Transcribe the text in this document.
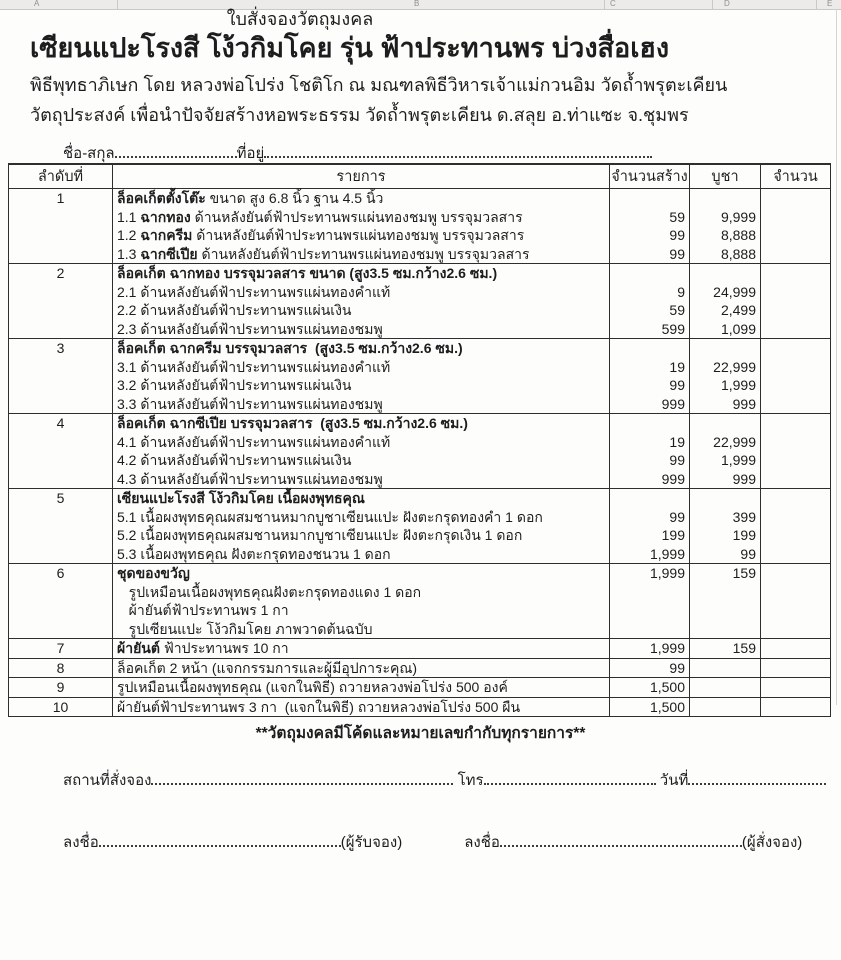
A	B	C	D	E
ใบสั่งจองวัตถุมงคล
เซียนแปะโรงสี โง้วกิมโคย รุ่น ฟ้าประทานพร บ่วงสื่อเฮง
พิธีพุทธาภิเษก โดย หลวงพ่อโปร่ง โชติโก ณ มณฑลพิธีวิหารเจ้าแม่กวนอิม วัดถ้ำพรุตะเคียน
วัตถุประสงค์ เพื่อนำปัจจัยสร้างหอพระธรรม วัดถ้ำพรุตะเคียน ด.สลุย อ.ท่าแซะ จ.ชุมพร
ชื่อ-สกุล	ที่อยู่
ลำดับที่	รายการ	จำนวนสร้าง	บูชา	จำนวน
1	ล็อคเก็ตตั้งโต๊ะ ขนาด สูง 6.8 นิ้ว ฐาน 4.5 นิ้ว			
	1.1 ฉากทอง ด้านหลังยันต์ฟ้าประทานพรแผ่นทองชมพู บรรจุมวลสาร	59	9,999	
	1.2 ฉากครีม ด้านหลังยันต์ฟ้าประทานพรแผ่นทองชมพู บรรจุมวลสาร	99	8,888	
	1.3 ฉากซีเปีย ด้านหลังยันต์ฟ้าประทานพรแผ่นทองชมพู บรรจุมวลสาร	99	8,888	
2	ล็อคเก็ต ฉากทอง บรรจุมวลสาร ขนาด (สูง3.5 ซม.กว้าง2.6 ซม.)			
	2.1 ด้านหลังยันต์ฟ้าประทานพรแผ่นทองคำแท้	9	24,999	
	2.2 ด้านหลังยันต์ฟ้าประทานพรแผ่นเงิน	59	2,499	
	2.3 ด้านหลังยันต์ฟ้าประทานพรแผ่นทองชมพู	599	1,099	
3	ล็อคเก็ต ฉากครีม บรรจุมวลสาร  (สูง3.5 ซม.กว้าง2.6 ซม.)			
	3.1 ด้านหลังยันต์ฟ้าประทานพรแผ่นทองคำแท้	19	22,999	
	3.2 ด้านหลังยันต์ฟ้าประทานพรแผ่นเงิน	99	1,999	
	3.3 ด้านหลังยันต์ฟ้าประทานพรแผ่นทองชมพู	999	999	
4	ล็อคเก็ต ฉากซีเปีย บรรจุมวลสาร  (สูง3.5 ซม.กว้าง2.6 ซม.)			
	4.1 ด้านหลังยันต์ฟ้าประทานพรแผ่นทองคำแท้	19	22,999	
	4.2 ด้านหลังยันต์ฟ้าประทานพรแผ่นเงิน	99	1,999	
	4.3 ด้านหลังยันต์ฟ้าประทานพรแผ่นทองชมพู	999	999	
5	เซียนแปะโรงสี โง้วกิมโคย เนื้อผงพุทธคุณ			
	5.1 เนื้อผงพุทธคุณผสมชานหมากบูชาเซียนแปะ ฝังตะกรุดทองคำ 1 ดอก	99	399	
	5.2 เนื้อผงพุทธคุณผสมชานหมากบูชาเซียนแปะ ฝังตะกรุดเงิน 1 ดอก	199	199	
	5.3 เนื้อผงพุทธคุณ ฝังตะกรุดทองชนวน 1 ดอก	1,999	99	
6	ชุดของขวัญ	1,999	159	
	รูปเหมือนเนื้อผงพุทธคุณฝังตะกรุดทองแดง 1 ดอก			
	ผ้ายันต์ฟ้าประทานพร 1 กา			
	รูปเซียนแปะ โง้วกิมโคย ภาพวาดต้นฉบับ			
7	ผ้ายันต์ ฟ้าประทานพร 10 กา	1,999	159	
8	ล็อคเก็ต 2 หน้า (แจกกรรมการและผู้มีอุปการะคุณ)	99		
9	รูปเหมือนเนื้อผงพุทธคุณ (แจกในพิธี) ถวายหลวงพ่อโปร่ง 500 องค์	1,500		
10	ผ้ายันต์ฟ้าประทานพร 3 กา  (แจกในพิธี) ถวายหลวงพ่อโปร่ง 500 ผืน	1,500		
**วัตถุมงคลมีโค้ดและหมายเลขกำกับทุกรายการ**
สถานที่สั่งจอง	โทร	วันที่
ลงชื่อ	(ผู้รับจอง)	ลงชื่อ	(ผู้สั่งจอง)
